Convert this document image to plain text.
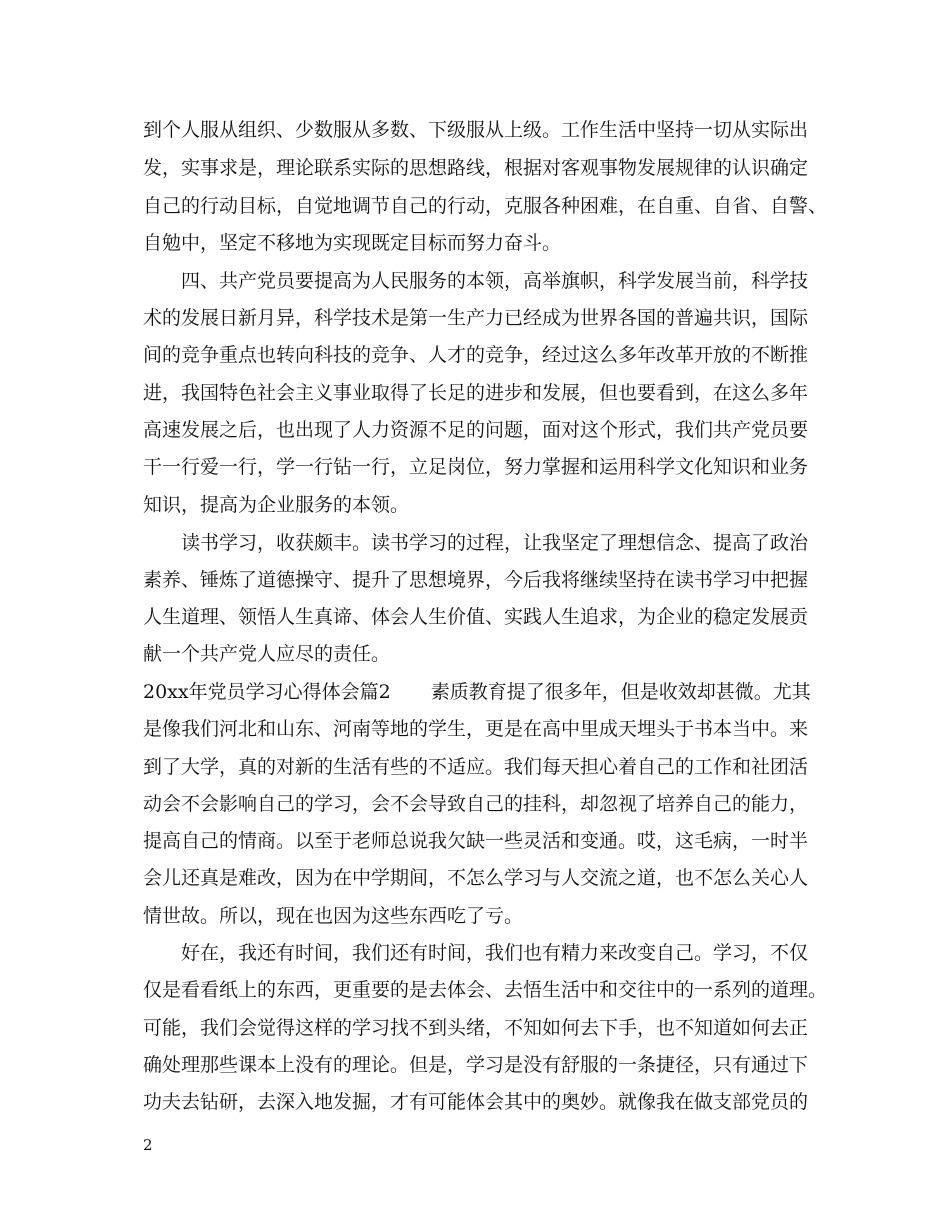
到个人服从组织、少数服从多数、下级服从上级。工作生活中坚持一切从实际出
发，实事求是，理论联系实际的思想路线，根据对客观事物发展规律的认识确定
自己的行动目标，自觉地调节自己的行动，克服各种困难，在自重、自省、自警、
自勉中，坚定不移地为实现既定目标而努力奋斗。
四、共产党员要提高为人民服务的本领，高举旗帜，科学发展当前，科学技
术的发展日新月异，科学技术是第一生产力已经成为世界各国的普遍共识，国际
间的竞争重点也转向科技的竞争、人才的竞争，经过这么多年改革开放的不断推
进，我国特色社会主义事业取得了长足的进步和发展，但也要看到，在这么多年
高速发展之后，也出现了人力资源不足的问题，面对这个形式，我们共产党员要
干一行爱一行，学一行钻一行，立足岗位，努力掌握和运用科学文化知识和业务
知识，提高为企业服务的本领。
读书学习，收获颇丰。读书学习的过程，让我坚定了理想信念、提高了政治
素养、锤炼了道德操守、提升了思想境界，今后我将继续坚持在读书学习中把握
人生道理、领悟人生真谛、体会人生价值、实践人生追求，为企业的稳定发展贡
献一个共产党人应尽的责任。
20xx年党员学习心得体会篇2 素质教育提了很多年，但是收效却甚微。尤其
是像我们河北和山东、河南等地的学生，更是在高中里成天埋头于书本当中。来
到了大学，真的对新的生活有些的不适应。我们每天担心着自己的工作和社团活
动会不会影响自己的学习，会不会导致自己的挂科，却忽视了培养自己的能力，
提高自己的情商。以至于老师总说我欠缺一些灵活和变通。哎，这毛病，一时半
会儿还真是难改，因为在中学期间，不怎么学习与人交流之道，也不怎么关心人
情世故。所以，现在也因为这些东西吃了亏。
好在，我还有时间，我们还有时间，我们也有精力来改变自己。学习，不仅
仅是看看纸上的东西，更重要的是去体会、去悟生活中和交往中的一系列的道理。
可能，我们会觉得这样的学习找不到头绪，不知如何去下手，也不知道如何去正
确处理那些课本上没有的理论。但是，学习是没有舒服的一条捷径，只有通过下
功夫去钻研，去深入地发掘，才有可能体会其中的奥妙。就像我在做支部党员的
2
